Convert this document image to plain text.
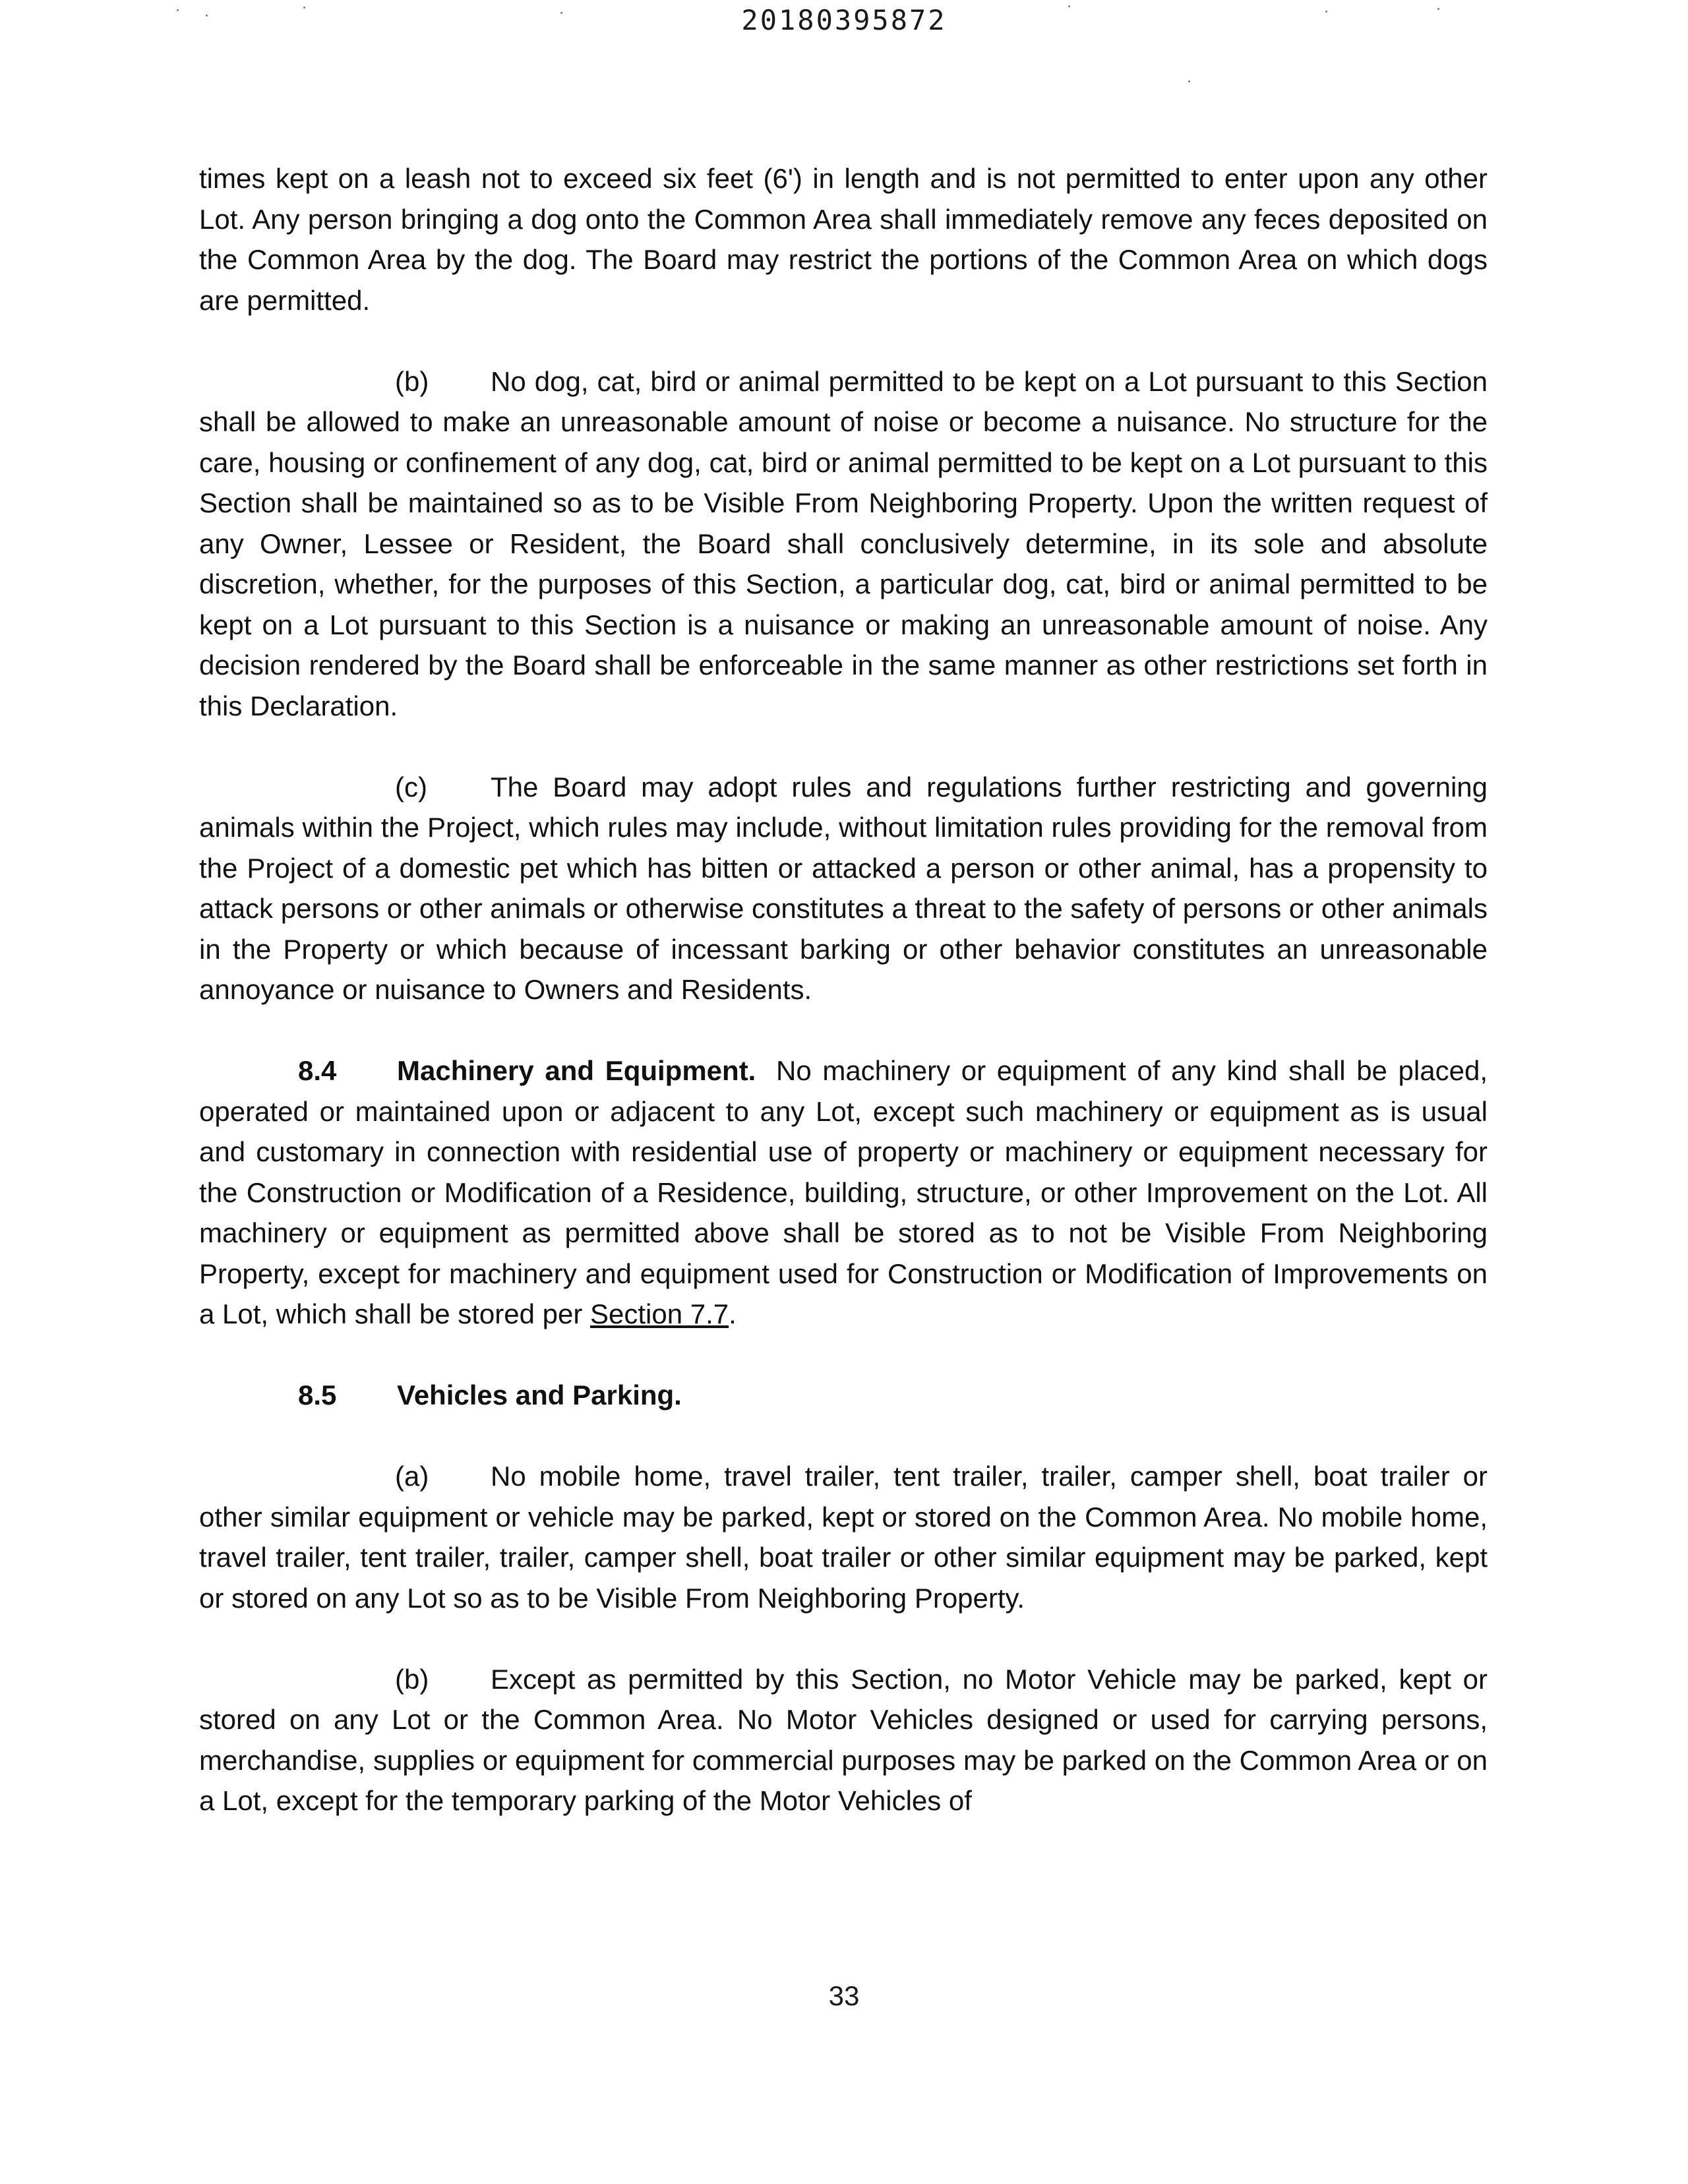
20180395872

times kept on a leash not to exceed six feet (6') in length and is not permitted to enter upon any other Lot. Any person bringing a dog onto the Common Area shall immediately remove any feces deposited on the Common Area by the dog. The Board may restrict the portions of the Common Area on which dogs are permitted.

(b) No dog, cat, bird or animal permitted to be kept on a Lot pursuant to this Section shall be allowed to make an unreasonable amount of noise or become a nuisance. No structure for the care, housing or confinement of any dog, cat, bird or animal permitted to be kept on a Lot pursuant to this Section shall be maintained so as to be Visible From Neighboring Property. Upon the written request of any Owner, Lessee or Resident, the Board shall conclusively determine, in its sole and absolute discretion, whether, for the purposes of this Section, a particular dog, cat, bird or animal permitted to be kept on a Lot pursuant to this Section is a nuisance or making an unreasonable amount of noise. Any decision rendered by the Board shall be enforceable in the same manner as other restrictions set forth in this Declaration.

(c) The Board may adopt rules and regulations further restricting and governing animals within the Project, which rules may include, without limitation rules providing for the removal from the Project of a domestic pet which has bitten or attacked a person or other animal, has a propensity to attack persons or other animals or otherwise constitutes a threat to the safety of persons or other animals in the Property or which because of incessant barking or other behavior constitutes an unreasonable annoyance or nuisance to Owners and Residents.

8.4 Machinery and Equipment. No machinery or equipment of any kind shall be placed, operated or maintained upon or adjacent to any Lot, except such machinery or equipment as is usual and customary in connection with residential use of property or machinery or equipment necessary for the Construction or Modification of a Residence, building, structure, or other Improvement on the Lot. All machinery or equipment as permitted above shall be stored as to not be Visible From Neighboring Property, except for machinery and equipment used for Construction or Modification of Improvements on a Lot, which shall be stored per Section 7.7.

8.5 Vehicles and Parking.

(a) No mobile home, travel trailer, tent trailer, trailer, camper shell, boat trailer or other similar equipment or vehicle may be parked, kept or stored on the Common Area. No mobile home, travel trailer, tent trailer, trailer, camper shell, boat trailer or other similar equipment may be parked, kept or stored on any Lot so as to be Visible From Neighboring Property.

(b) Except as permitted by this Section, no Motor Vehicle may be parked, kept or stored on any Lot or the Common Area. No Motor Vehicles designed or used for carrying persons, merchandise, supplies or equipment for commercial purposes may be parked on the Common Area or on a Lot, except for the temporary parking of the Motor Vehicles of

33
